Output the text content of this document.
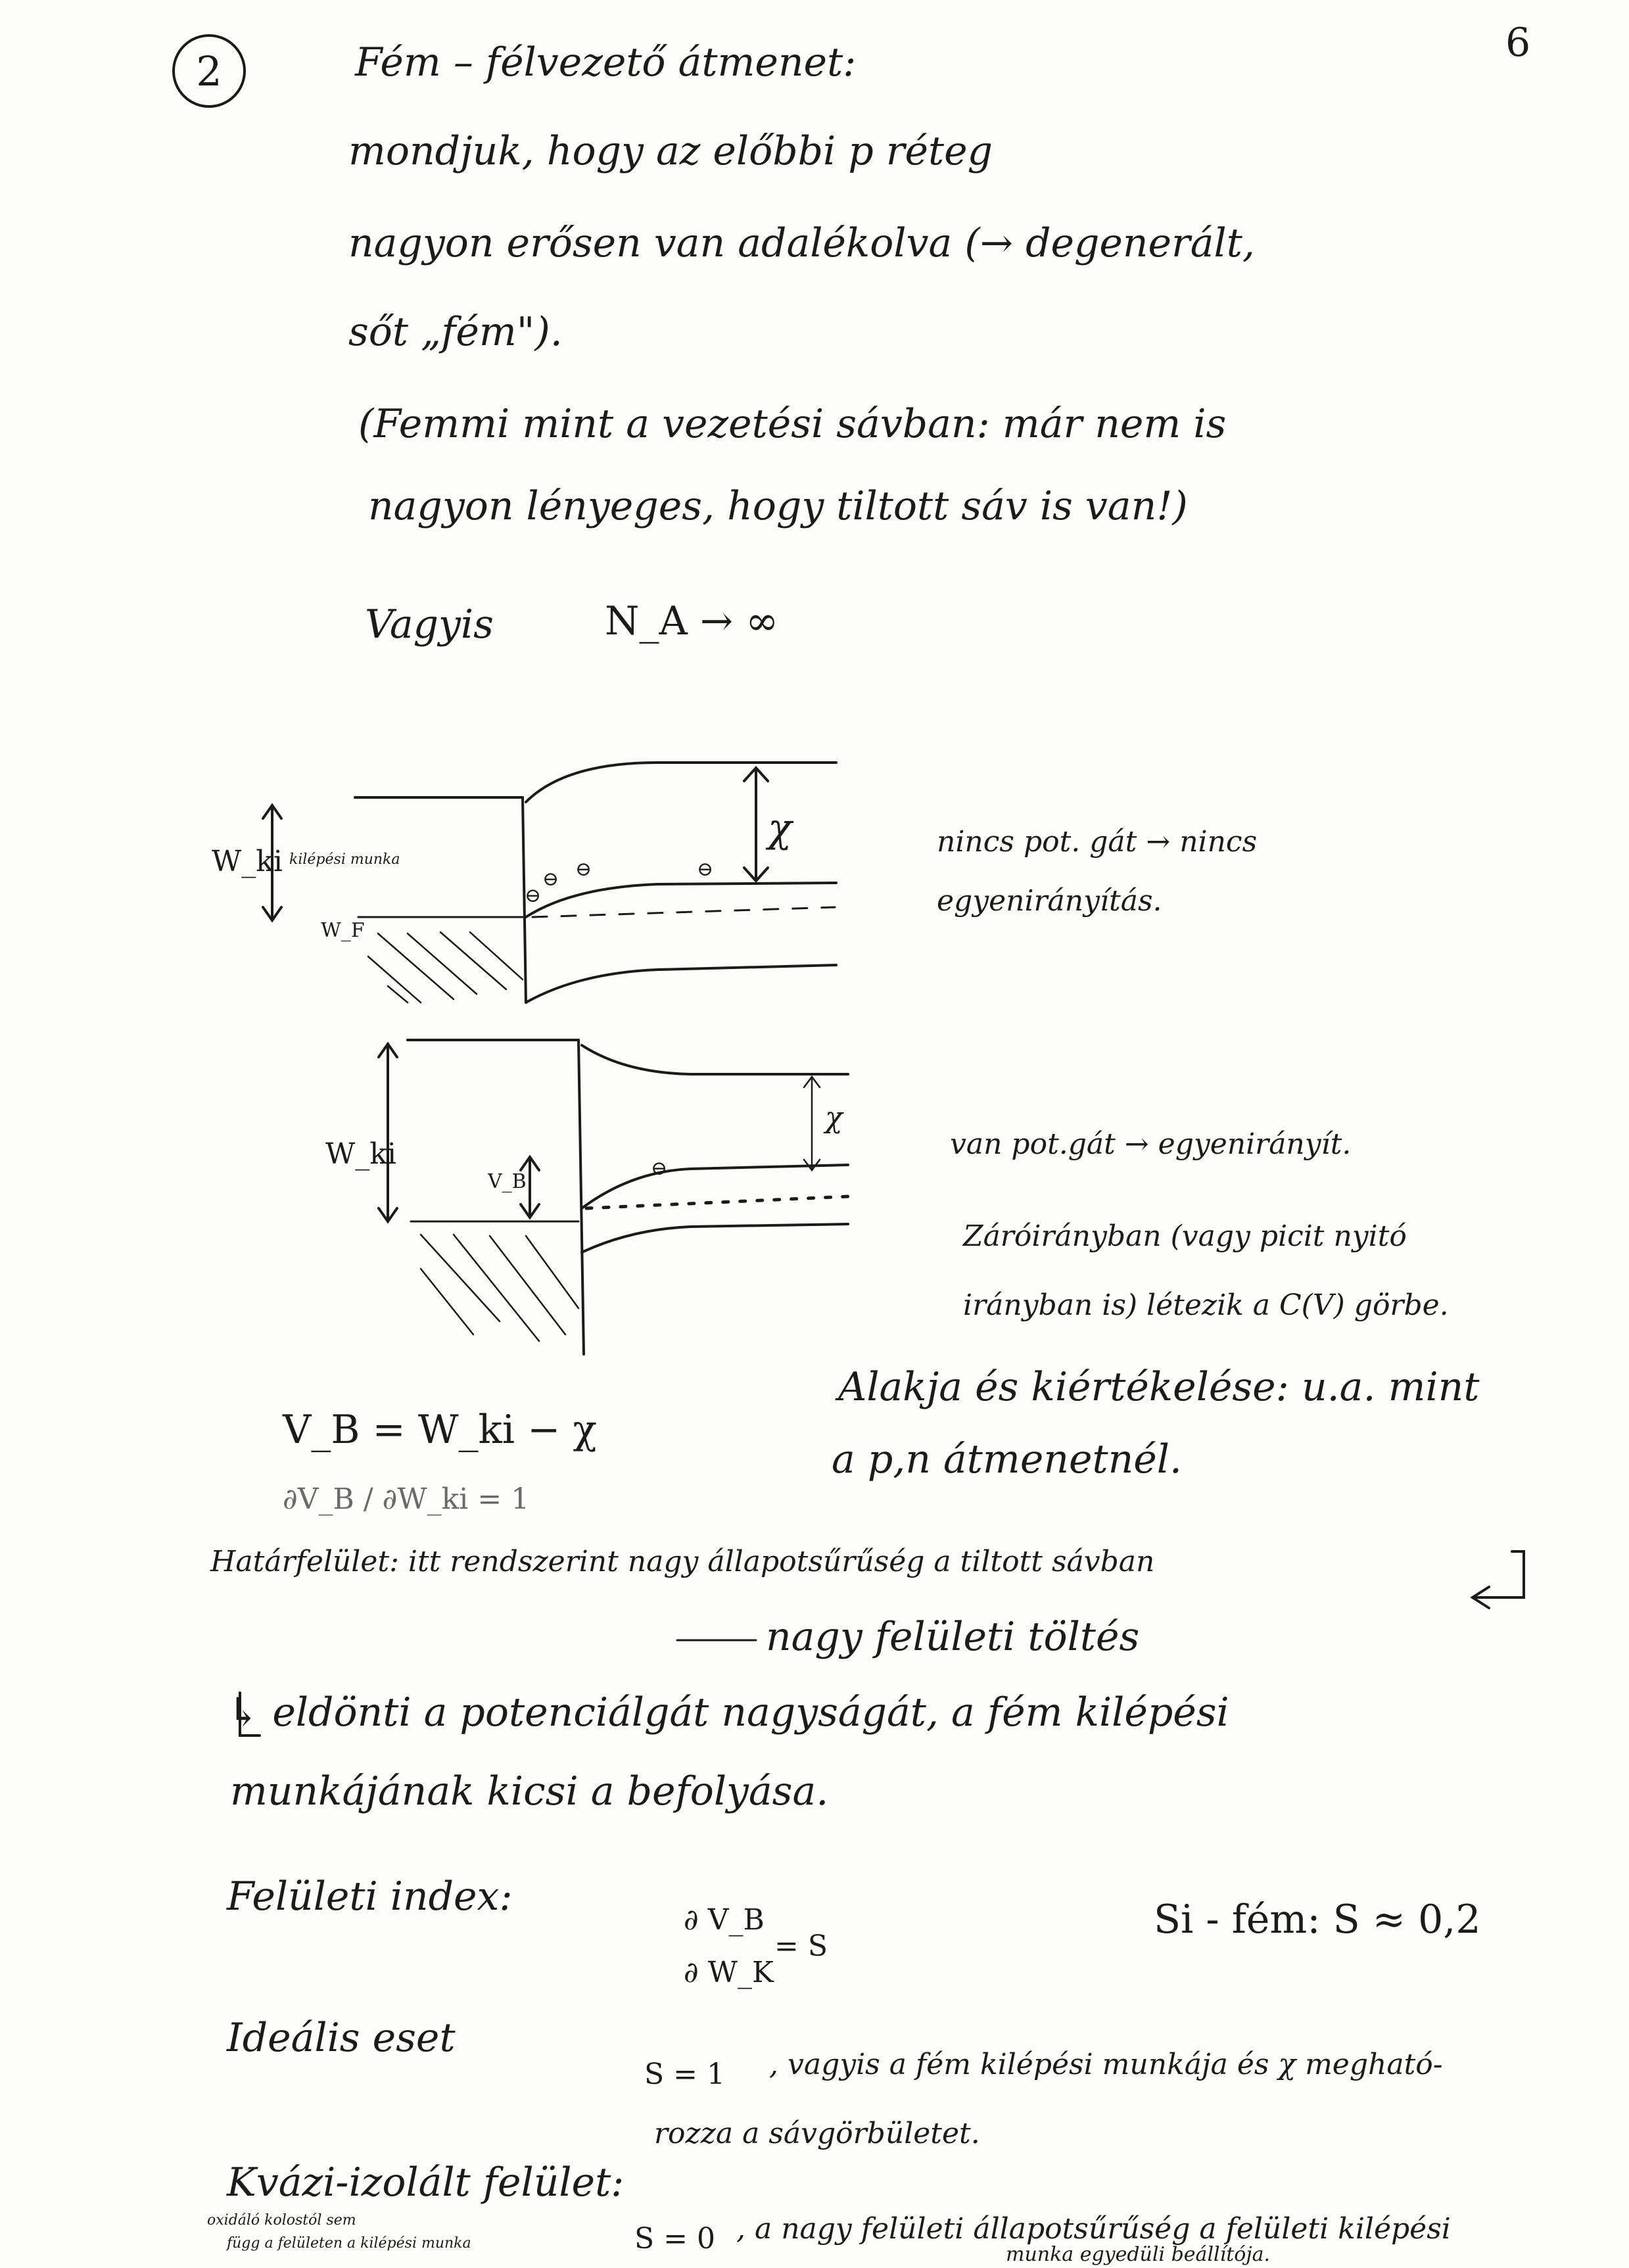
2
6
Fém – félvezető átmenet:
mondjuk, hogy az előbbi p réteg
nagyon erősen van adalékolva (→ degenerált,
sőt „fém").
(Femmi mint a vezetési sávban: már nem is
nagyon lényeges, hogy tiltott sáv is van!)
Vagyis	N_A → ∞
W_ki kilépési munka
W_F
χ
⊖
⊖ ⊖	⊖
nincs pot. gát → nincs
egyenirányítás.
W_ki
V_B
χ
⊖
van pot.gát → egyenirányít.
Záróirányban (vagy picit nyitó
irányban is) létezik a C(V) görbe.
V_B = W_ki − χ
∂V_B / ∂W_ki = 1
Alakja és kiértékelése: u.a. mint
a p,n átmenetnél.
Határfelület: itt rendszerint nagy állapotsűrűség a tiltott sávban
nagy felületi töltés
↳ eldönti a potenciálgát nagyságát, a fém kilépési
munkájának kicsi a befolyása.
Felületi index:
∂ V_B
∂ W_K
= S
Si - fém: S ≈ 0,2
Ideális eset
S = 1 , vagyis a fém kilépési munkája és χ megható-
rozza a sávgörbületet.
Kvázi-izolált felület:
oxidáló kolostól sem
függ a felületen a kilépési munka	S = 0 , a nagy felületi állapotsűrűség a felületi kilépési
munka egyedüli beállítója.
